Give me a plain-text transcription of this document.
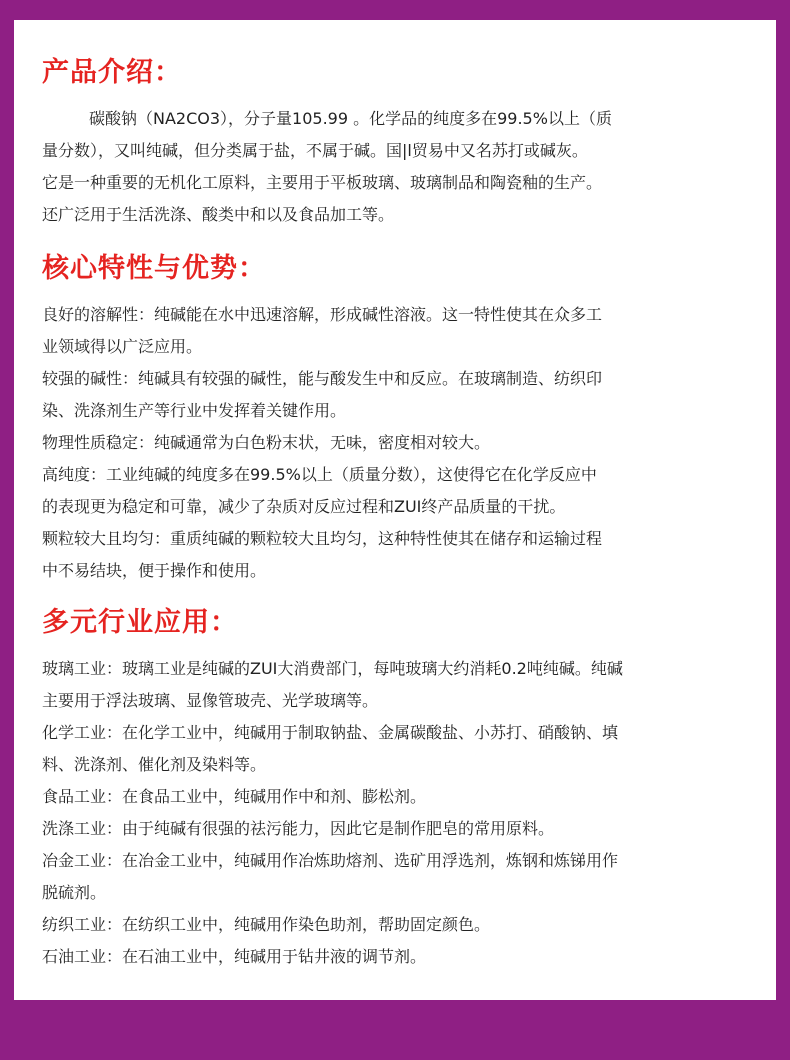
产品介绍：
碳酸钠（NA2CO3），分子量105.99 。化学品的纯度多在99.5%以上（质
量分数），又叫纯碱，但分类属于盐，不属于碱。国|l贸易中又名苏打或碱灰。
它是一种重要的无机化工原料，主要用于平板玻璃、玻璃制品和陶瓷釉的生产。
还广泛用于生活洗涤、酸类中和以及食品加工等。
核心特性与优势：
良好的溶解性：纯碱能在水中迅速溶解，形成碱性溶液。这一特性使其在众多工
业领域得以广泛应用。
较强的碱性：纯碱具有较强的碱性，能与酸发生中和反应。在玻璃制造、纺织印
染、洗涤剂生产等行业中发挥着关键作用。
物理性质稳定：纯碱通常为白色粉末状，无味，密度相对较大。
高纯度：工业纯碱的纯度多在99.5%以上（质量分数），这使得它在化学反应中
的表现更为稳定和可靠，减少了杂质对反应过程和ZUI终产品质量的干扰。
颗粒较大且均匀：重质纯碱的颗粒较大且均匀，这种特性使其在储存和运输过程
中不易结块，便于操作和使用。
多元行业应用：
玻璃工业：玻璃工业是纯碱的ZUI大消费部门，每吨玻璃大约消耗0.2吨纯碱。纯碱
主要用于浮法玻璃、显像管玻壳、光学玻璃等。
化学工业：在化学工业中，纯碱用于制取钠盐、金属碳酸盐、小苏打、硝酸钠、填
料、洗涤剂、催化剂及染料等。
食品工业：在食品工业中，纯碱用作中和剂、膨松剂。
洗涤工业：由于纯碱有很强的祛污能力，因此它是制作肥皂的常用原料。
冶金工业：在冶金工业中，纯碱用作冶炼助熔剂、选矿用浮选剂，炼钢和炼锑用作
脱硫剂。
纺织工业：在纺织工业中，纯碱用作染色助剂，帮助固定颜色。
石油工业：在石油工业中，纯碱用于钻井液的调节剂。
